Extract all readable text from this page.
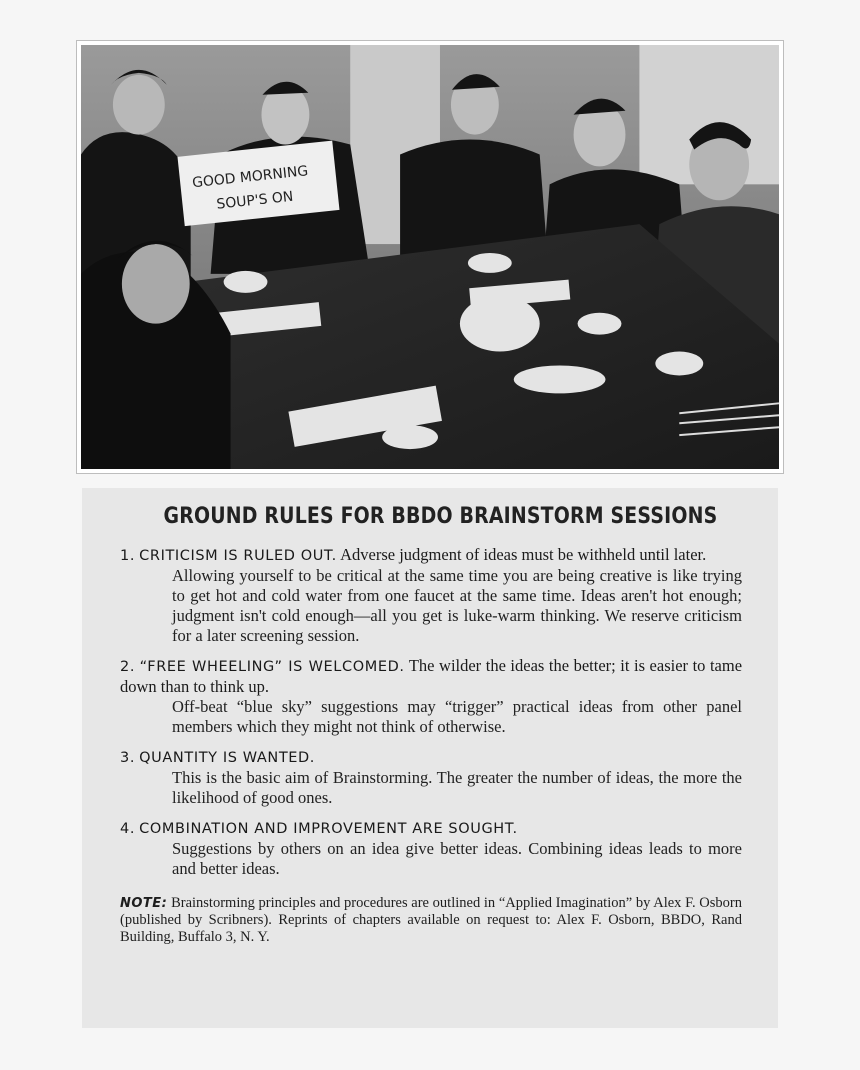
GOOD MORNING
SOUP'S ON
GROUND RULES FOR BBDO BRAINSTORM SESSIONS
1. CRITICISM IS RULED OUT. Adverse judgment of ideas must be withheld until later.
Allowing yourself to be critical at the same time you are being creative is like trying to get hot and cold water from one faucet at the same time. Ideas aren't hot enough; judgment isn't cold enough—all you get is luke-warm thinking. We reserve criticism for a later screening session.
2. “FREE WHEELING” IS WELCOMED. The wilder the ideas the better; it is easier to tame down than to think up.
Off-beat “blue sky” suggestions may “trigger” practical ideas from other panel members which they might not think of otherwise.
3. QUANTITY IS WANTED.
This is the basic aim of Brainstorming. The greater the number of ideas, the more the likelihood of good ones.
4. COMBINATION AND IMPROVEMENT ARE SOUGHT.
Suggestions by others on an idea give better ideas. Combining ideas leads to more and better ideas.
NOTE: Brainstorming principles and procedures are outlined in “Applied Imagination” by Alex F. Osborn (published by Scribners). Reprints of chapters available on request to: Alex F. Osborn, BBDO, Rand Building, Buffalo 3, N. Y.
